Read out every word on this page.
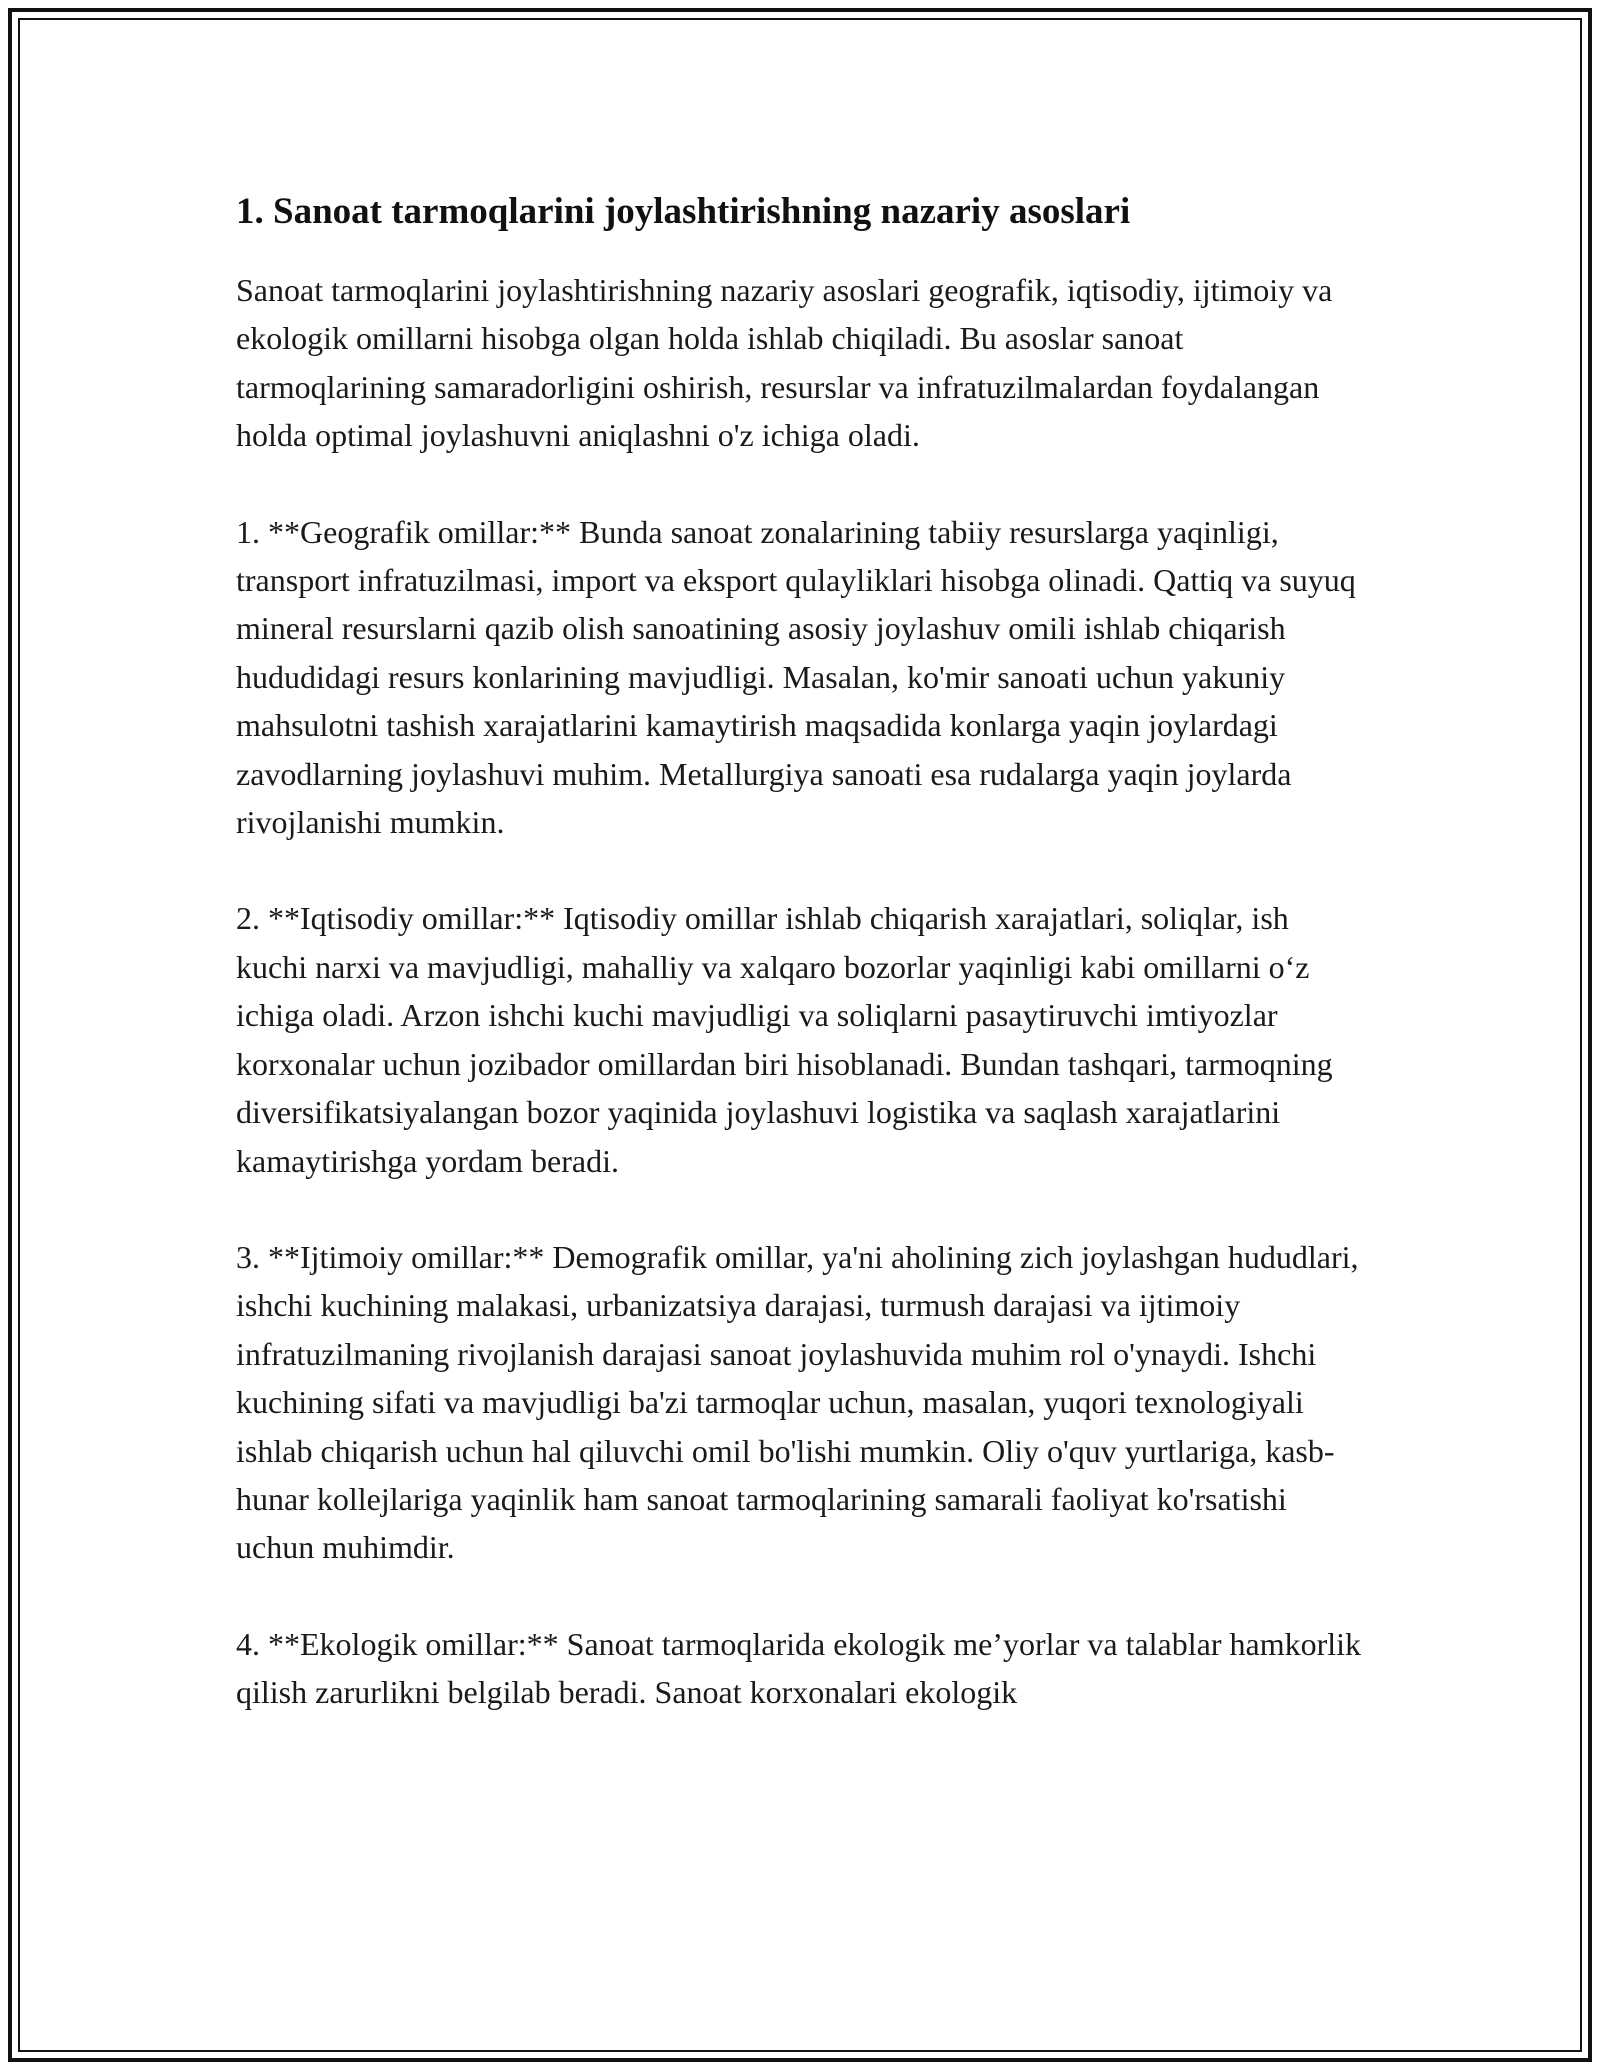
1. Sanoat tarmoqlarini joylashtirishning nazariy asoslari

Sanoat tarmoqlarini joylashtirishning nazariy asoslari geografik, iqtisodiy, ijtimoiy va ekologik omillarni hisobga olgan holda ishlab chiqiladi. Bu asoslar sanoat tarmoqlarining samaradorligini oshirish, resurslar va infratuzilmalardan foydalangan holda optimal joylashuvni aniqlashni o'z ichiga oladi.

1. **Geografik omillar:** Bunda sanoat zonalarining tabiiy resurslarga yaqinligi, transport infratuzilmasi, import va eksport qulayliklari hisobga olinadi. Qattiq va suyuq mineral resurslarni qazib olish sanoatining asosiy joylashuv omili ishlab chiqarish hududidagi resurs konlarining mavjudligi. Masalan, ko'mir sanoati uchun yakuniy mahsulotni tashish xarajatlarini kamaytirish maqsadida konlarga yaqin joylardagi zavodlarning joylashuvi muhim. Metallurgiya sanoati esa rudalarga yaqin joylarda rivojlanishi mumkin.

2. **Iqtisodiy omillar:** Iqtisodiy omillar ishlab chiqarish xarajatlari, soliqlar, ish kuchi narxi va mavjudligi, mahalliy va xalqaro bozorlar yaqinligi kabi omillarni o‘z ichiga oladi. Arzon ishchi kuchi mavjudligi va soliqlarni pasaytiruvchi imtiyozlar korxonalar uchun jozibador omillardan biri hisoblanadi. Bundan tashqari, tarmoqning diversifikatsiyalangan bozor yaqinida joylashuvi logistika va saqlash xarajatlarini kamaytirishga yordam beradi.

3. **Ijtimoiy omillar:** Demografik omillar, ya'ni aholining zich joylashgan hududlari, ishchi kuchining malakasi, urbanizatsiya darajasi, turmush darajasi va ijtimoiy infratuzilmaning rivojlanish darajasi sanoat joylashuvida muhim rol o'ynaydi. Ishchi kuchining sifati va mavjudligi ba'zi tarmoqlar uchun, masalan, yuqori texnologiyali ishlab chiqarish uchun hal qiluvchi omil bo'lishi mumkin. Oliy o'quv yurtlariga, kasb-hunar kollejlariga yaqinlik ham sanoat tarmoqlarining samarali faoliyat ko'rsatishi uchun muhimdir.

4. **Ekologik omillar:** Sanoat tarmoqlarida ekologik me’yorlar va talablar hamkorlik qilish zarurlikni belgilab beradi. Sanoat korxonalari ekologik
